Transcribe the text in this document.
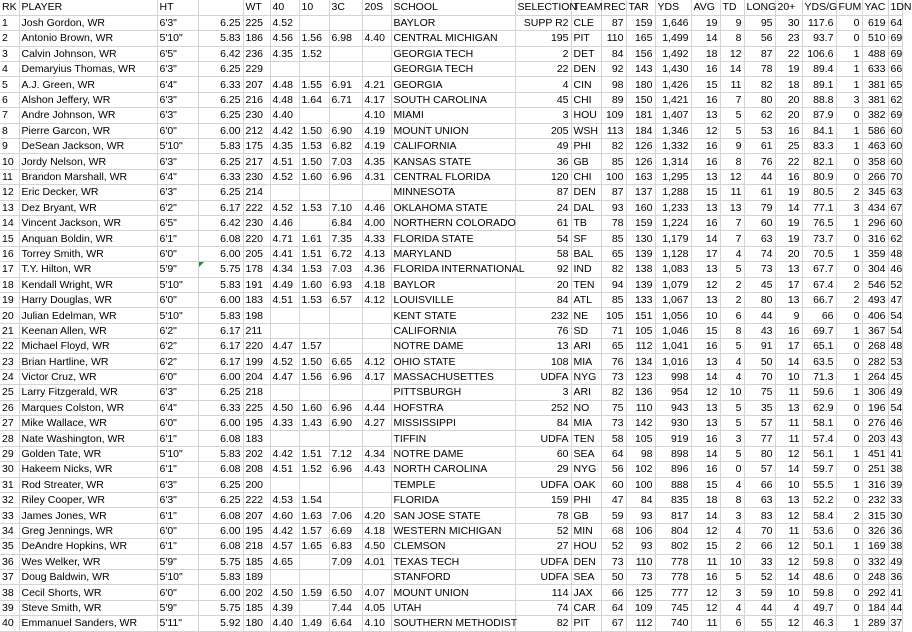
RK	PLAYER	HT		WT	40	10	3C	20S	SCHOOL	SELECTION	TEAM	REC	TAR	YDS	AVG	TD	LONG	20+	YDS/G	FUM	YAC	1DN
1	Josh Gordon, WR	6'3"	6.25	225	4.52				BAYLOR	SUPP R2	CLE	87	159	1,646	19	9	95	30	117.6	0	619	64
2	Antonio Brown, WR	5'10"	5.83	186	4.56	1.56	6.98	4.40	CENTRAL MICHIGAN	195	PIT	110	165	1,499	14	8	56	23	93.7	0	510	69
3	Calvin Johnson, WR	6'5"	6.42	236	4.35	1.52			GEORGIA TECH	2	DET	84	156	1,492	18	12	87	22	106.6	1	488	69
4	Demaryius Thomas, WR	6'3"	6.25	229					GEORGIA TECH	22	DEN	92	143	1,430	16	14	78	19	89.4	1	633	66
5	A.J. Green, WR	6'4"	6.33	207	4.48	1.55	6.91	4.21	GEORGIA	4	CIN	98	180	1,426	15	11	82	18	89.1	1	381	65
6	Alshon Jeffery, WR	6'3"	6.25	216	4.48	1.64	6.71	4.17	SOUTH CAROLINA	45	CHI	89	150	1,421	16	7	80	20	88.8	3	381	62
7	Andre Johnson, WR	6'3"	6.25	230	4.40			4.10	MIAMI	3	HOU	109	181	1,407	13	5	62	20	87.9	0	382	69
8	Pierre Garcon, WR	6'0"	6.00	212	4.42	1.50	6.90	4.19	MOUNT UNION	205	WSH	113	184	1,346	12	5	53	16	84.1	1	586	60
9	DeSean Jackson, WR	5'10"	5.83	175	4.35	1.53	6.82	4.19	CALIFORNIA	49	PHI	82	126	1,332	16	9	61	25	83.3	1	463	60
10	Jordy Nelson, WR	6'3"	6.25	217	4.51	1.50	7.03	4.35	KANSAS STATE	36	GB	85	126	1,314	16	8	76	22	82.1	0	358	60
11	Brandon Marshall, WR	6'4"	6.33	230	4.52	1.60	6.96	4.31	CENTRAL FLORIDA	120	CHI	100	163	1,295	13	12	44	16	80.9	0	266	70
12	Eric Decker, WR	6'3"	6.25	214					MINNESOTA	87	DEN	87	137	1,288	15	11	61	19	80.5	2	345	63
13	Dez Bryant, WR	6'2"	6.17	222	4.52	1.53	7.10	4.46	OKLAHOMA STATE	24	DAL	93	160	1,233	13	13	79	14	77.1	3	434	67
14	Vincent Jackson, WR	6'5"	6.42	230	4.46		6.84	4.00	NORTHERN COLORADO	61	TB	78	159	1,224	16	7	60	19	76.5	1	296	60
15	Anquan Boldin, WR	6'1"	6.08	220	4.71	1.61	7.35	4.33	FLORIDA STATE	54	SF	85	130	1,179	14	7	63	19	73.7	0	316	62
16	Torrey Smith, WR	6'0"	6.00	205	4.41	1.51	6.72	4.13	MARYLAND	58	BAL	65	139	1,128	17	4	74	20	70.5	1	359	48
17	T.Y. Hilton, WR	5'9"	5.75	178	4.34	1.53	7.03	4.36	FLORIDA INTERNATIONAL	92	IND	82	138	1,083	13	5	73	13	67.7	0	304	46
18	Kendall Wright, WR	5'10"	5.83	191	4.49	1.60	6.93	4.18	BAYLOR	20	TEN	94	139	1,079	12	2	45	17	67.4	2	546	52
19	Harry Douglas, WR	6'0"	6.00	183	4.51	1.53	6.57	4.12	LOUISVILLE	84	ATL	85	133	1,067	13	2	80	13	66.7	2	493	47
20	Julian Edelman, WR	5'10"	5.83	198					KENT STATE	232	NE	105	151	1,056	10	6	44	9	66	0	406	54
21	Keenan Allen, WR	6'2"	6.17	211					CALIFORNIA	76	SD	71	105	1,046	15	8	43	16	69.7	1	367	54
22	Michael Floyd, WR	6'2"	6.17	220	4.47	1.57			NOTRE DAME	13	ARI	65	112	1,041	16	5	91	17	65.1	0	268	48
23	Brian Hartline, WR	6'2"	6.17	199	4.52	1.50	6.65	4.12	OHIO STATE	108	MIA	76	134	1,016	13	4	50	14	63.5	0	282	53
24	Victor Cruz, WR	6'0"	6.00	204	4.47	1.56	6.96	4.17	MASSACHUSETTES	UDFA	NYG	73	123	998	14	4	70	10	71.3	1	264	45
25	Larry Fitzgerald, WR	6'3"	6.25	218					PITTSBURGH	3	ARI	82	136	954	12	10	75	11	59.6	1	306	49
26	Marques Colston, WR	6'4"	6.33	225	4.50	1.60	6.96	4.44	HOFSTRA	252	NO	75	110	943	13	5	35	13	62.9	0	196	54
27	Mike Wallace, WR	6'0"	6.00	195	4.33	1.43	6.90	4.27	MISSISSIPPI	84	MIA	73	142	930	13	5	57	11	58.1	0	276	46
28	Nate Washington, WR	6'1"	6.08	183					TIFFIN	UDFA	TEN	58	105	919	16	3	77	11	57.4	0	203	43
29	Golden Tate, WR	5'10"	5.83	202	4.42	1.51	7.12	4.34	NOTRE DAME	60	SEA	64	98	898	14	5	80	12	56.1	1	451	41
30	Hakeem Nicks, WR	6'1"	6.08	208	4.51	1.52	6.96	4.43	NORTH CAROLINA	29	NYG	56	102	896	16	0	57	14	59.7	0	251	38
31	Rod Streater, WR	6'3"	6.25	200					TEMPLE	UDFA	OAK	60	100	888	15	4	66	10	55.5	1	316	39
32	Riley Cooper, WR	6'3"	6.25	222	4.53	1.54			FLORIDA	159	PHI	47	84	835	18	8	63	13	52.2	0	232	33
33	James Jones, WR	6'1"	6.08	207	4.60	1.63	7.06	4.20	SAN JOSE STATE	78	GB	59	93	817	14	3	83	12	58.4	2	315	30
34	Greg Jennings, WR	6'0"	6.00	195	4.42	1.57	6.69	4.18	WESTERN MICHIGAN	52	MIN	68	106	804	12	4	70	11	53.6	0	326	36
35	DeAndre Hopkins, WR	6'1"	6.08	218	4.57	1.65	6.83	4.50	CLEMSON	27	HOU	52	93	802	15	2	66	12	50.1	1	169	38
36	Wes Welker, WR	5'9"	5.75	185	4.65		7.09	4.01	TEXAS TECH	UDFA	DEN	73	110	778	11	10	33	12	59.8	0	332	49
37	Doug Baldwin, WR	5'10"	5.83	189					STANFORD	UDFA	SEA	50	73	778	16	5	52	14	48.6	0	248	36
38	Cecil Shorts, WR	6'0"	6.00	202	4.50	1.59	6.50	4.07	MOUNT UNION	114	JAX	66	125	777	12	3	59	10	59.8	0	292	41
39	Steve Smith, WR	5'9"	5.75	185	4.39		7.44	4.05	UTAH	74	CAR	64	109	745	12	4	44	4	49.7	0	184	44
40	Emmanuel Sanders, WR	5'11"	5.92	180	4.40	1.49	6.64	4.10	SOUTHERN METHODIST	82	PIT	67	112	740	11	6	55	12	46.3	1	289	37
